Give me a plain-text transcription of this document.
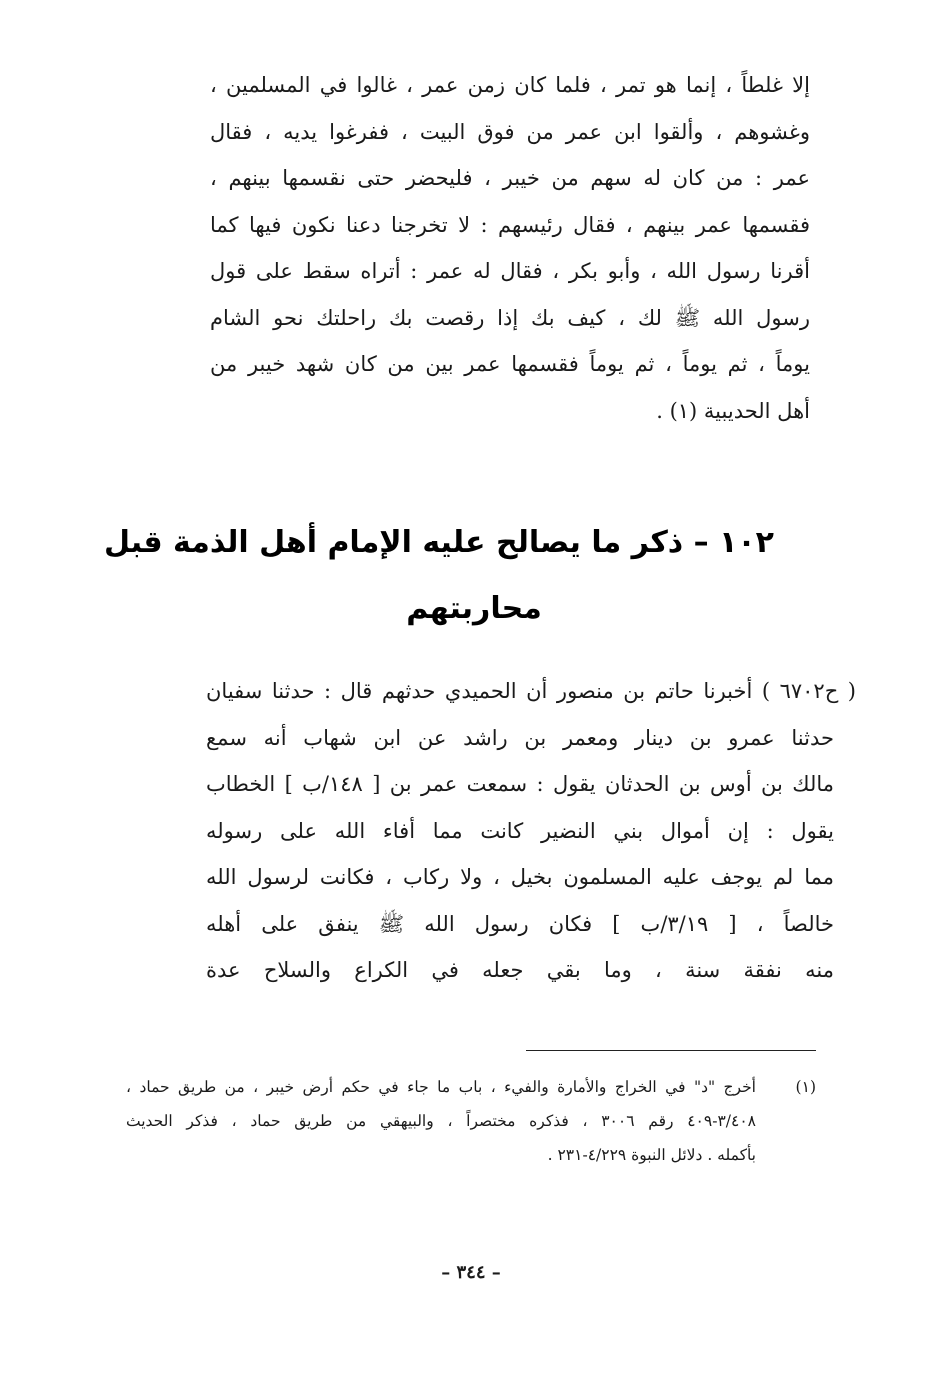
إلا غلطاً ، إنما هو تمر ، فلما كان زمن عمر ، غالوا في المسلمين ،
وغشوهم ، وألقوا ابن عمر من فوق البيت ، ففرغوا يديه ، فقال
عمر : من كان له سهم من خيبر ، فليحضر حتى نقسمها بينهم ،
فقسمها عمر بينهم ، فقال رئيسهم : لا تخرجنا دعنا نكون فيها كما
أقرنا رسول الله ، وأبو بكر ، فقال له عمر : أتراه سقط على قول
رسول الله ﷺ لك ، كيف بك إذا رقصت بك راحلتك نحو الشام
يوماً ، ثم يوماً ، ثم يوماً فقسمها عمر بين من كان شهد خيبر من
أهل الحديبية (١) .
١٠٢ – ذكر ما يصالح عليه الإمام أهل الذمة قبل
محاربتهم
( ح٦٧٠٢ ) أخبرنا حاتم بن منصور أن الحميدي حدثهم قال : حدثنا سفيان
حدثنا عمرو بن دينار ومعمر بن راشد عن ابن شهاب أنه سمع
مالك بن أوس بن الحدثان يقول : سمعت عمر بن [ ١٤٨/ب ] الخطاب
يقول : إن أموال بني النضير كانت مما أفاء الله على رسوله
مما لم يوجف عليه المسلمون بخيل ، ولا ركاب ، فكانت لرسول الله
خالصاً ، [ ٣/١٩/ب ] فكان رسول الله ﷺ ينفق على أهله
منه نفقة سنة ، وما بقي جعله في الكراع والسلاح عدة
(١)
أخرج "د" في الخراج والأمارة والفيء ، باب ما جاء في حكم أرض خيبر ، من طريق حماد ،
٣/٤٠٨-٤٠٩ رقم ٣٠٠٦ ، فذكره مختصراً ، والبيهقي من طريق حماد ، فذكر الحديث
بأكمله . دلائل النبوة ٤/٢٢٩-٢٣١ .
– ٣٤٤ –
